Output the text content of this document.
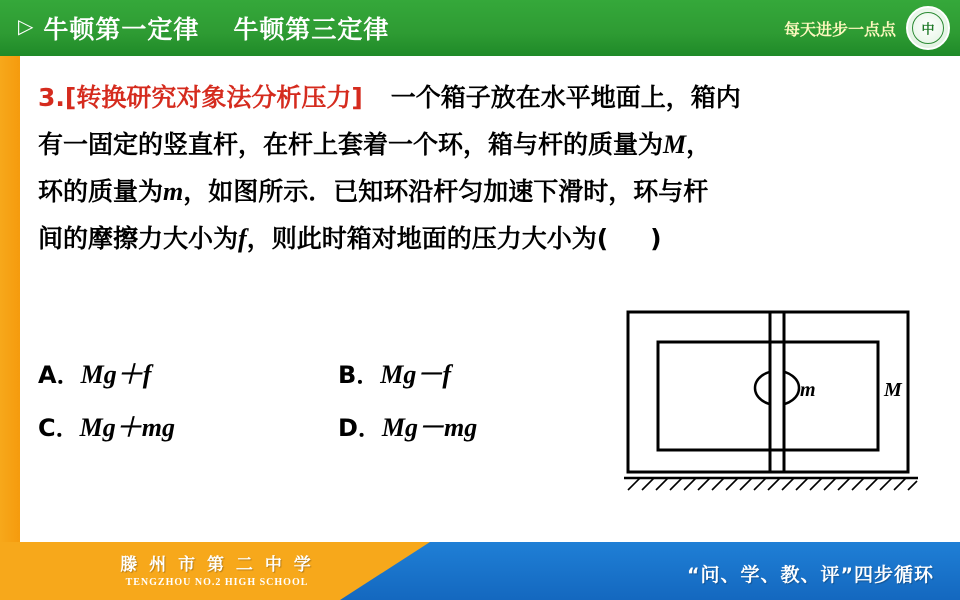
▷ 牛顿第一定律 牛顿第三定律	每天进步一点点	中
3.[转换研究对象法分析压力] 一个箱子放在水平地面上，箱内
有一固定的竖直杆，在杆上套着一个环，箱与杆的质量为M，
环的质量为m，如图所示．已知环沿杆匀加速下滑时，环与杆
间的摩擦力大小为f，则此时箱对地面的压力大小为( )
A．Mg＋f	B．Mg－f
C．Mg＋mg	D．Mg－mg
m	M
滕 州 市 第 二 中 学
TENGZHOU NO.2 HIGH SCHOOL	“问、学、教、评”四步循环
